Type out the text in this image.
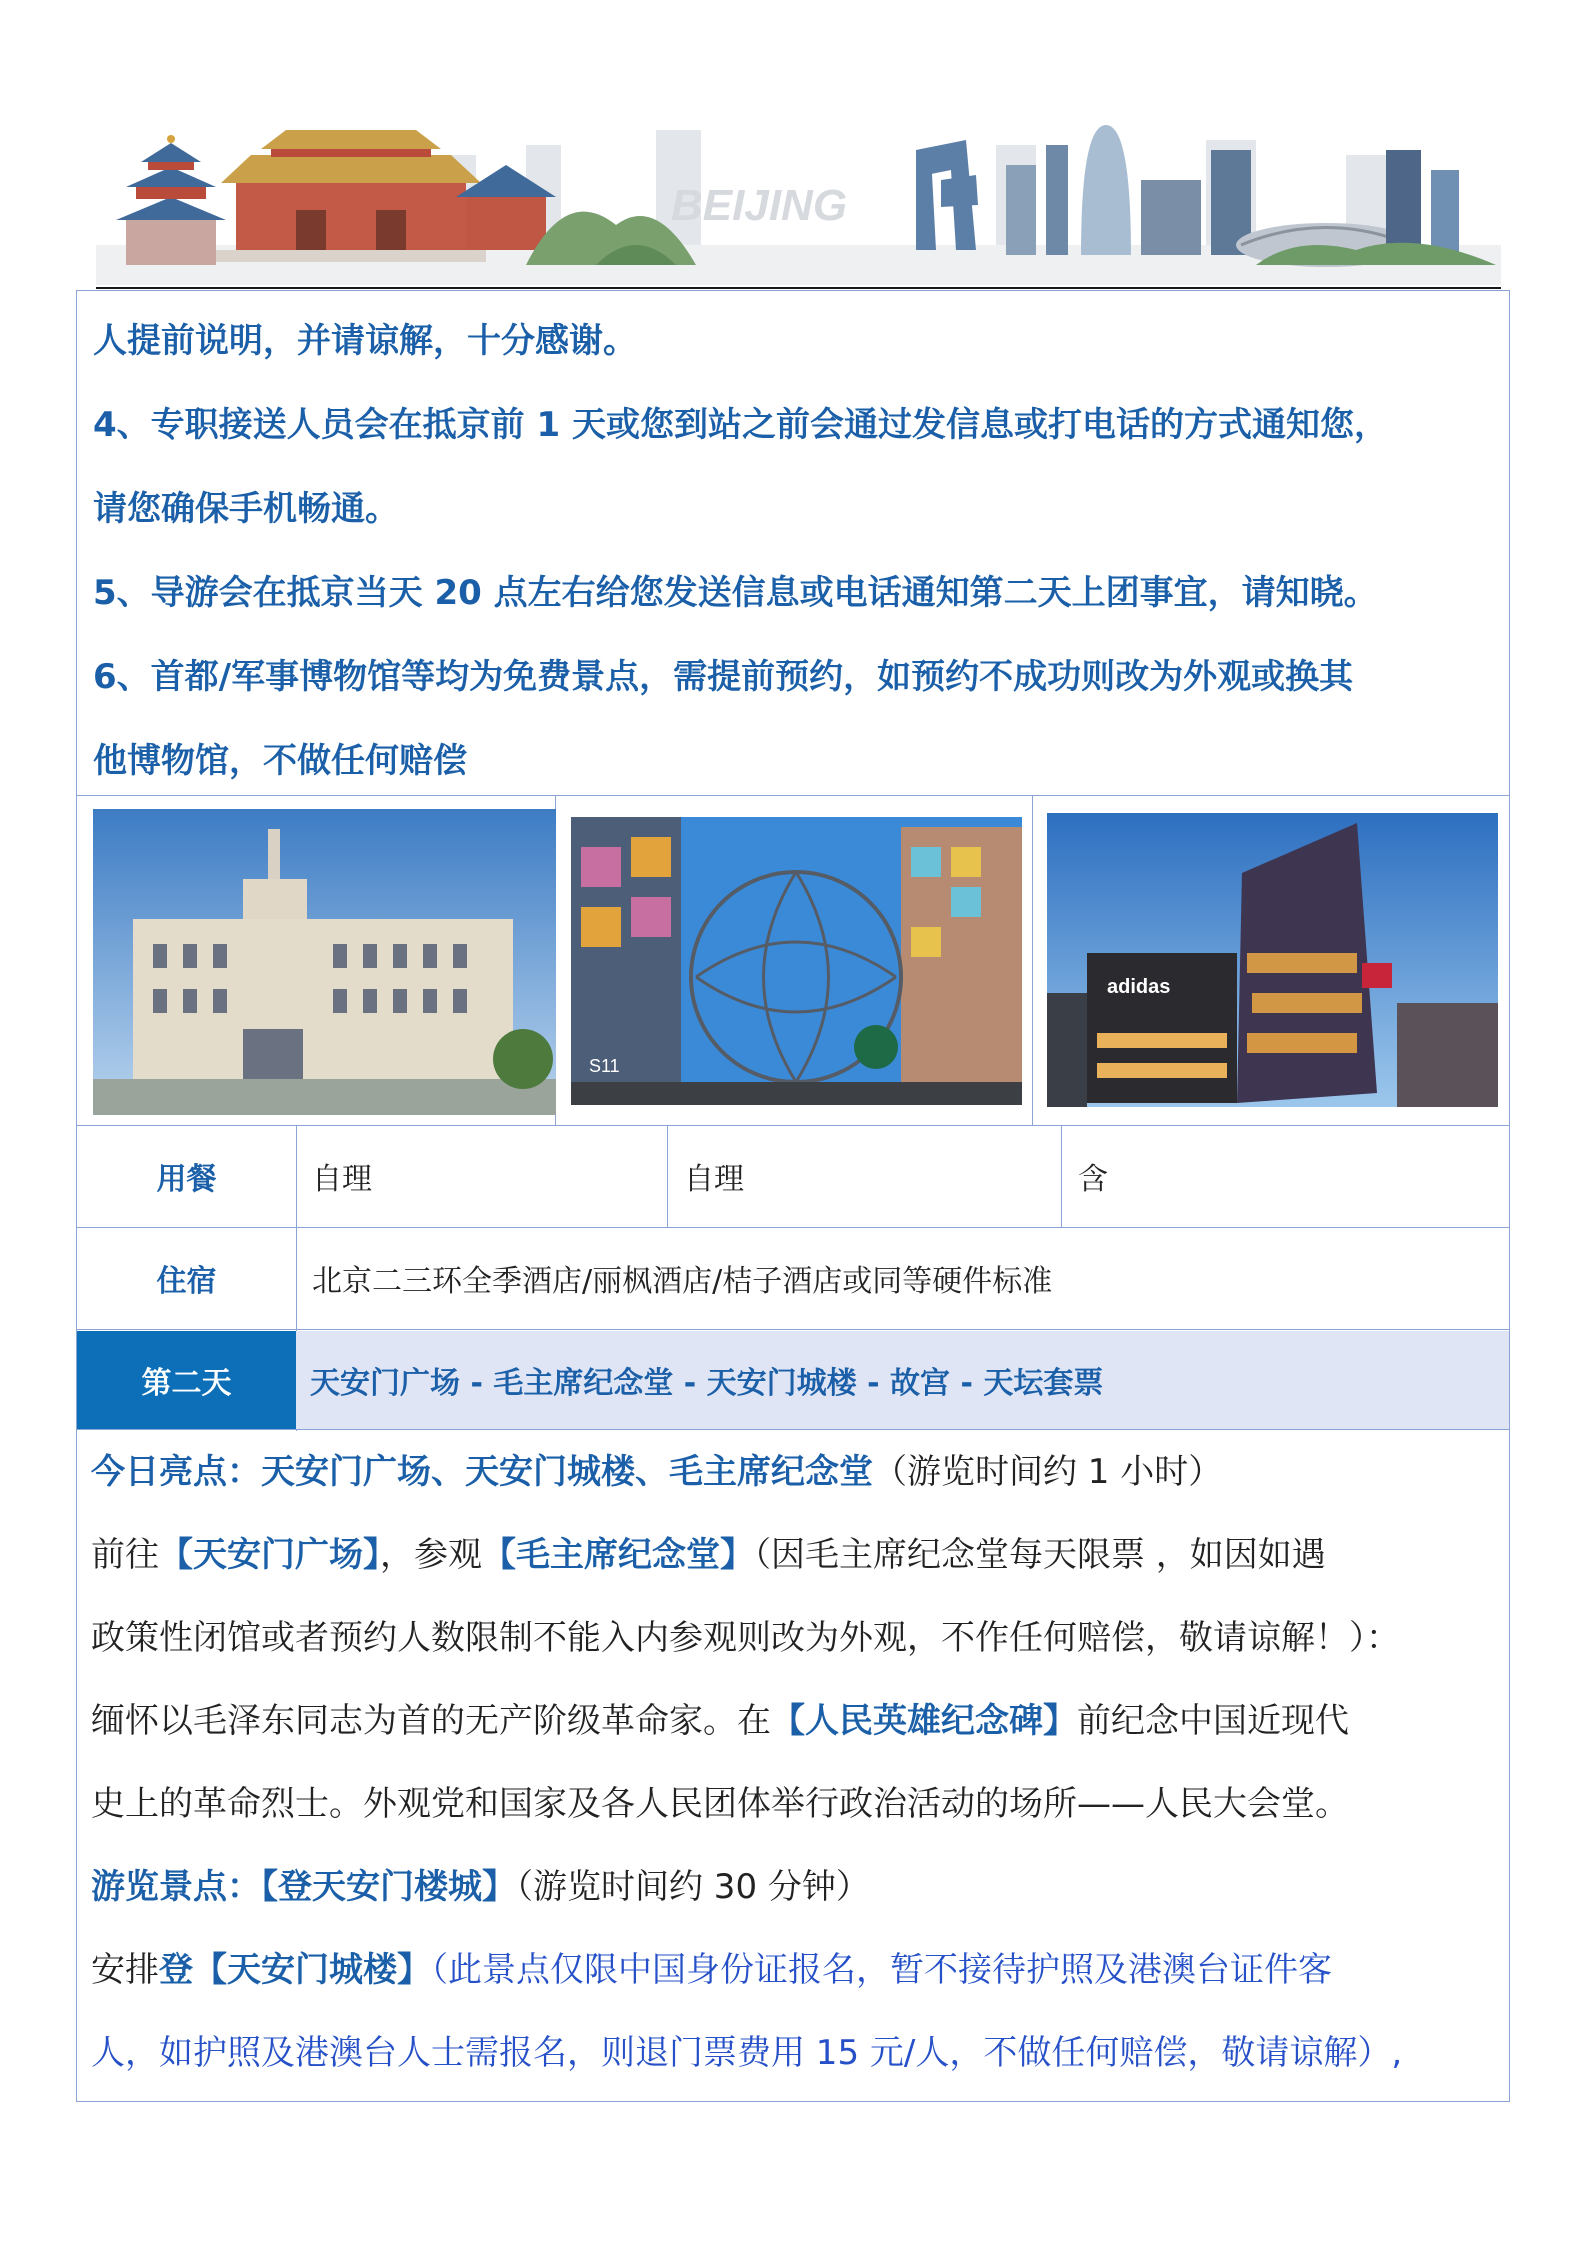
BEIJING

人提前说明，并请谅解，十分感谢。

4、专职接送人员会在抵京前 1 天或您到站之前会通过发信息或打电话的方式通知您，

请您确保手机畅通。

5、导游会在抵京当天 20 点左右给您发送信息或电话通知第二天上团事宜，请知晓。

6、首都/军事博物馆等均为免费景点，需提前预约，如预约不成功则改为外观或换其

他博物馆，不做任何赔偿

S11
adidas
用餐	自理	自理	含
住宿	北京二三环全季酒店/丽枫酒店/桔子酒店或同等硬件标准
第二天	天安门广场 - 毛主席纪念堂 - 天安门城楼 - 故宫 - 天坛套票

今日亮点：天安门广场、天安门城楼、毛主席纪念堂（游览时间约 1 小时）

前往【天安门广场】，参观【毛主席纪念堂】（因毛主席纪念堂每天限票 ，如因如遇

政策性闭馆或者预约人数限制不能入内参观则改为外观，不作任何赔偿，敬请谅解！）：

缅怀以毛泽东同志为首的无产阶级革命家。在【人民英雄纪念碑】前纪念中国近现代

史上的革命烈士。外观党和国家及各人民团体举行政治活动的场所——人民大会堂。

游览景点：【登天安门楼城】（游览时间约 30 分钟）

安排登【天安门城楼】（此景点仅限中国身份证报名，暂不接待护照及港澳台证件客

人，如护照及港澳台人士需报名，则退门票费用 15 元/人，不做任何赔偿，敬请谅解）,
